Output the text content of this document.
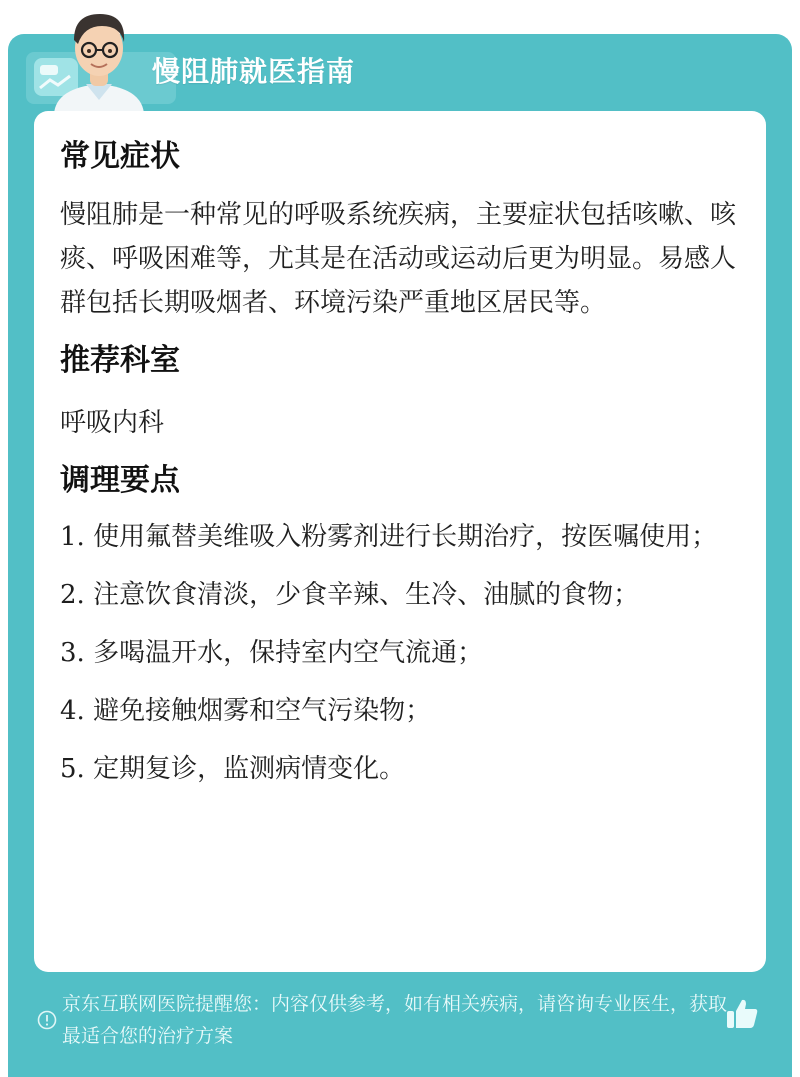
慢阻肺就医指南
常见症状
慢阻肺是一种常见的呼吸系统疾病，主要症状包括咳嗽、咳痰、呼吸困难等，尤其是在活动或运动后更为明显。易感人群包括长期吸烟者、环境污染严重地区居民等。
推荐科室
呼吸内科
调理要点
1. 使用氟替美维吸入粉雾剂进行长期治疗，按医嘱使用；
2. 注意饮食清淡，少食辛辣、生冷、油腻的食物；
3. 多喝温开水，保持室内空气流通；
4. 避免接触烟雾和空气污染物；
5. 定期复诊，监测病情变化。
京东互联网医院提醒您：内容仅供参考，如有相关疾病，请咨询专业医生，获取最适合您的治疗方案
